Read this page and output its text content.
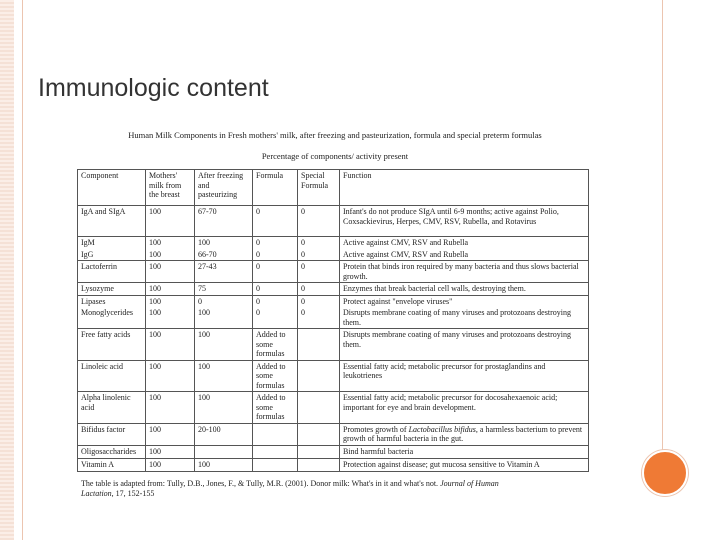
Immunologic content
Human Milk Components in Fresh mothers' milk, after freezing and pasteurization, formula and special preterm formulas
Percentage of components/ activity present
Component	Mothers' milk from the breast	After freezing and pasteurizing	Formula	Special Formula	Function
IgA and SIgA	100	67-70	0	0	Infant's do not produce SIgA until 6-9 months; active against Polio, Coxsackievirus, Herpes, CMV, RSV, Rubella, and Rotavirus
IgM	100	100	0	0	Active against CMV, RSV and Rubella
IgG	100	66-70	0	0	Active against CMV, RSV and Rubella
Lactoferrin	100	27-43	0	0	Protein that binds iron required by many bacteria and thus slows bacterial growth.
Lysozyme	100	75	0	0	Enzymes that break bacterial cell walls, destroying them.
Lipases	100	0	0	0	Protect against "envelope viruses"
Monoglycerides	100	100	0	0	Disrupts membrane coating of many viruses and protozoans destroying them.
Free fatty acids	100	100	Added to some formulas		Disrupts membrane coating of many viruses and protozoans destroying them.
Linoleic acid	100	100	Added to some formulas		Essential fatty acid; metabolic precursor for prostaglandins and leukotrienes
Alpha linolenic acid	100	100	Added to some formulas		Essential fatty acid; metabolic precursor for docosahexaenoic acid; important for eye and brain development.
Bifidus factor	100	20-100			Promotes growth of Lactobacillus bifidus, a harmless bacterium to prevent growth of harmful bacteria in the gut.
Oligosaccharides	100				Bind harmful bacteria
Vitamin A	100	100			Protection against disease; gut mucosa sensitive to Vitamin A
The table is adapted from: Tully, D.B., Jones, F., & Tully, M.R. (2001). Donor milk: What's in it and what's not. Journal of Human Lactation, 17, 152-155
